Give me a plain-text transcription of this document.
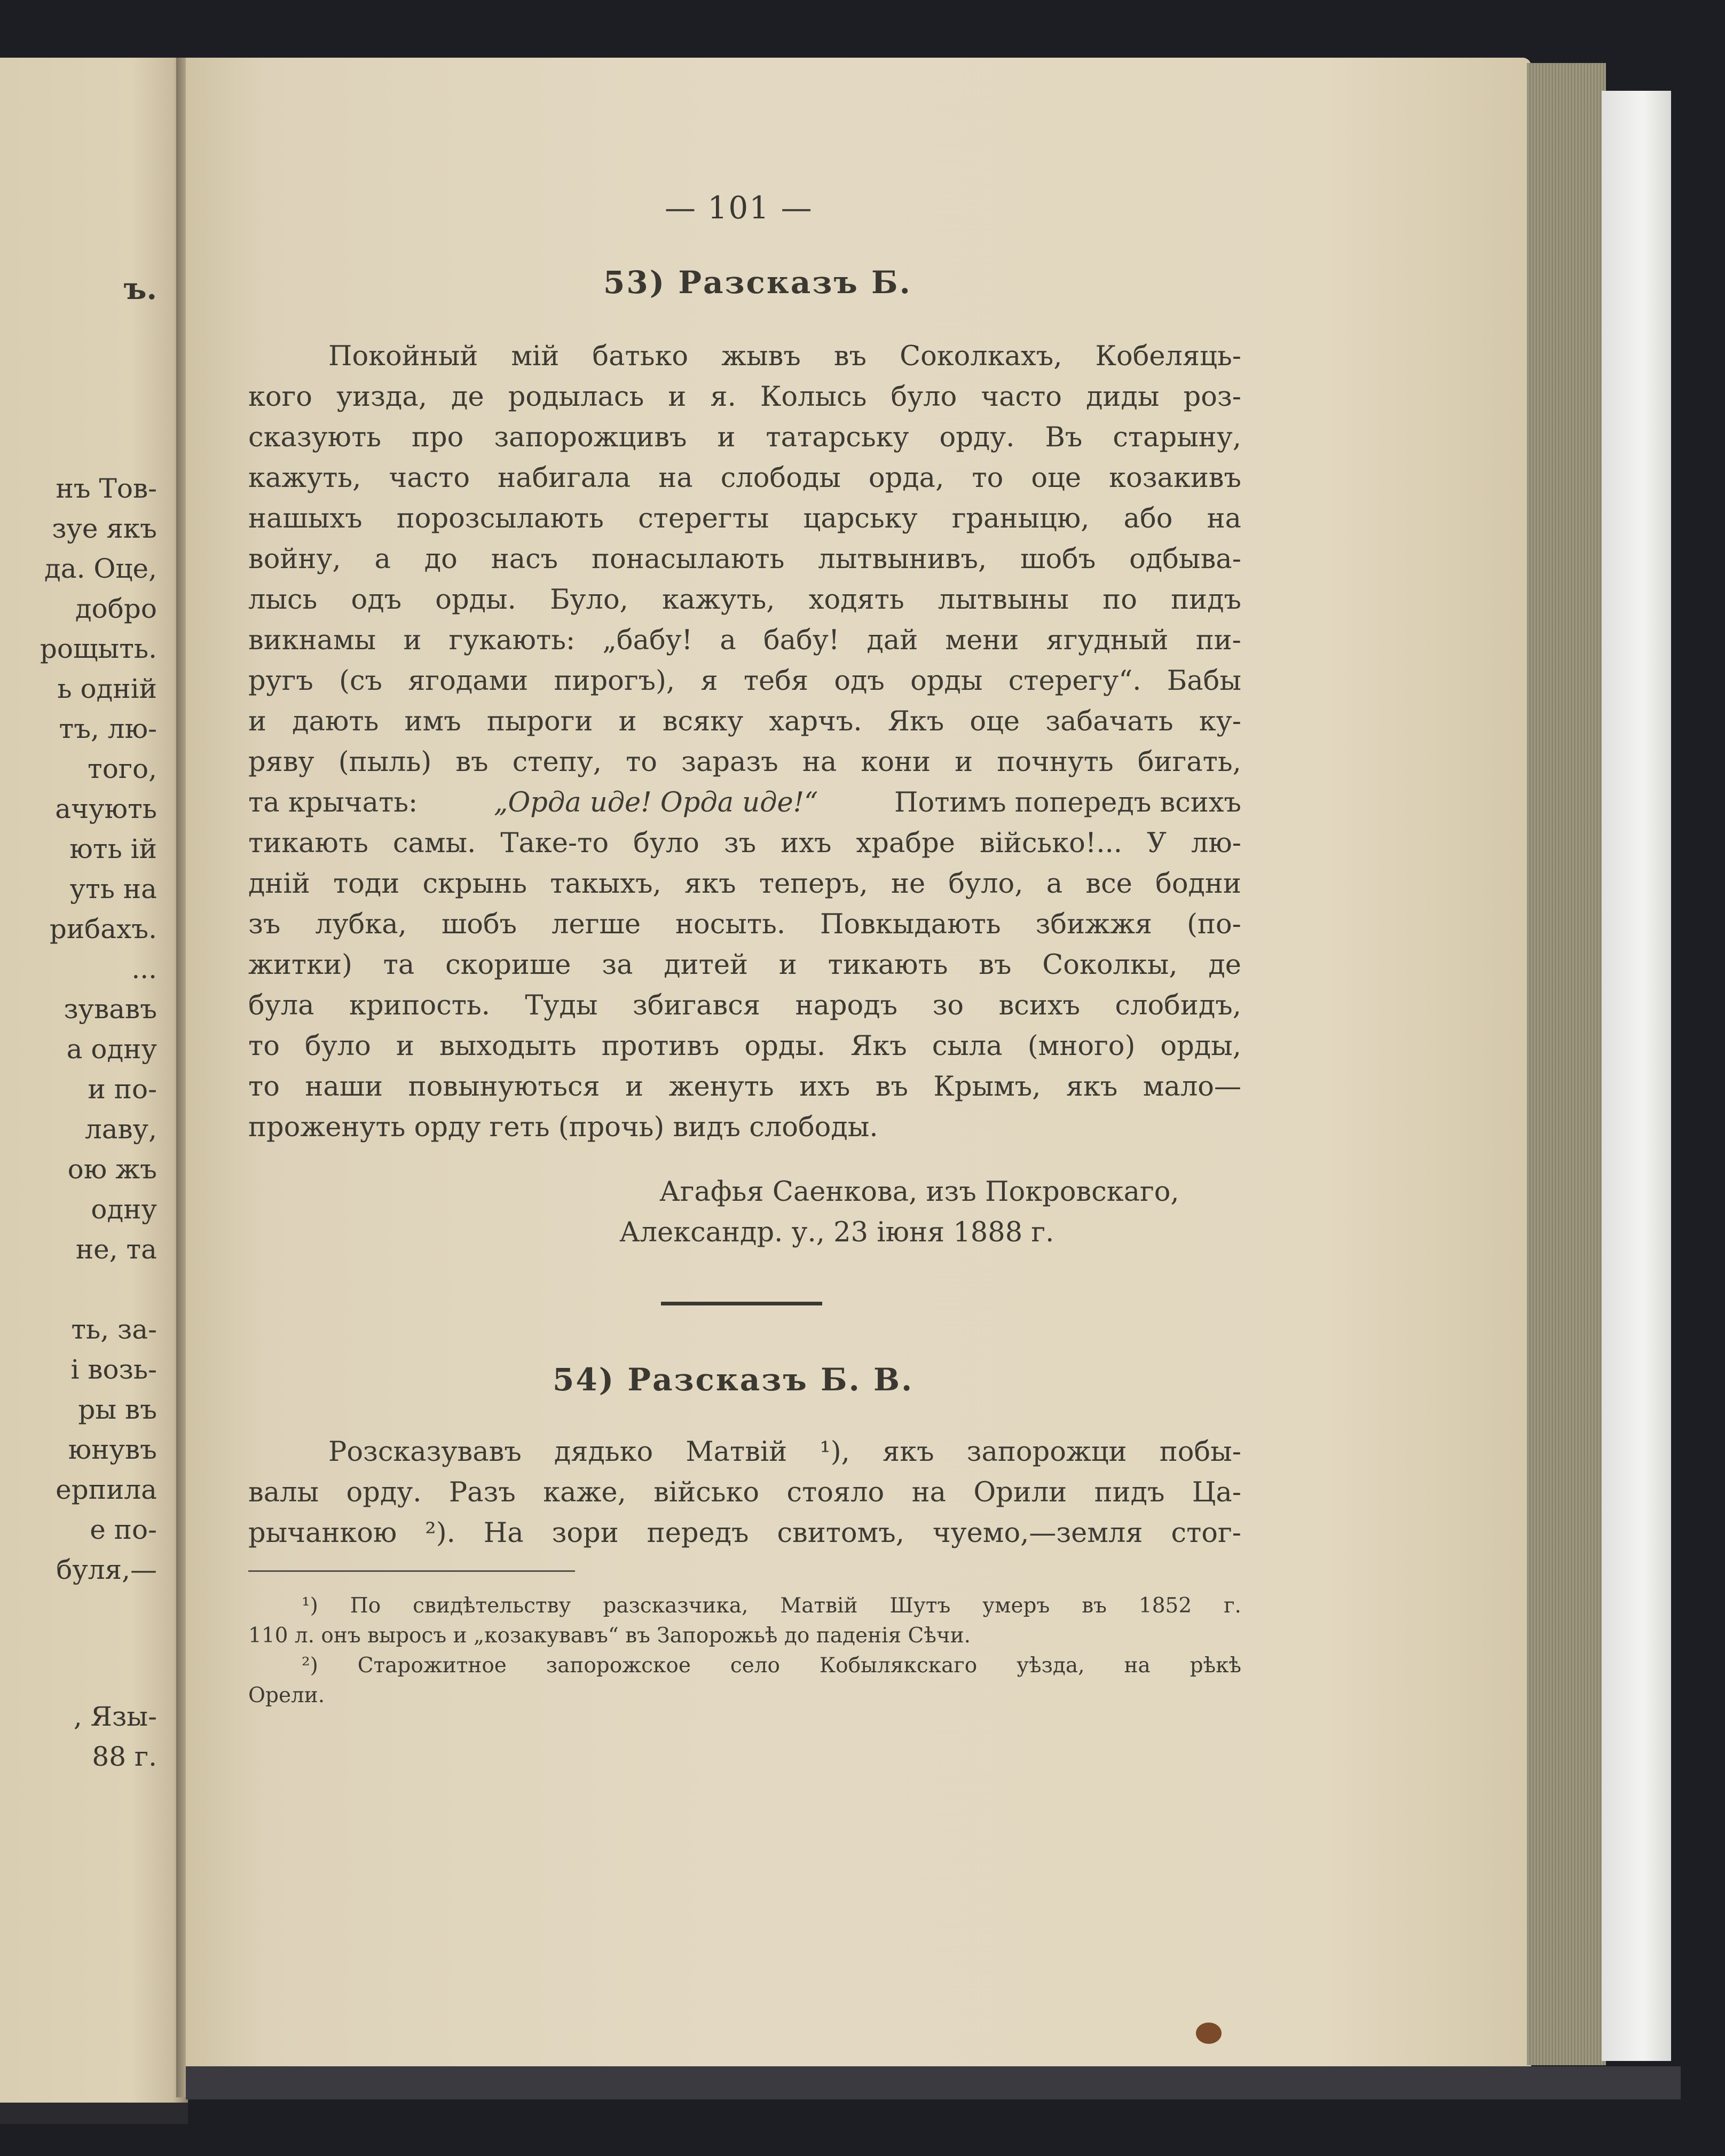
ъ.
нъ Тов-
зуе якъ
да. Оце,
добро
рощыть.
ь одній
тъ, лю-
того,
ачують
ють ій
уть на
рибахъ.
...
зувавъ
а одну
и по-
лаву,
ою жъ
одну
не, та
ть, за-
і возь-
ры въ
юнувъ
ерпила
е по-
буля,—
, Язы-
88 г.
— 101 —
53) Разсказъ Б.
Покойный мій батько жывъ въ Соколкахъ, Кобеляць-
кого уизда, де родылась и я. Колысь було часто диды роз-
сказують про запорожцивъ и татарську орду. Въ старыну,
кажуть, часто набигала на слободы орда, то оце козакивъ
нашыхъ порозсылають стерегты царську граныцю, або на
войну, а до насъ понасылають лытвынивъ, шобъ одбыва-
лысь одъ орды. Було, кажуть, ходять лытвыны по пидъ
викнамы и гукають: „бабу! а бабу! дай мени ягудный пи-
ругъ (съ ягодами пирогъ), я тебя одъ орды стерегу“. Бабы
и дають имъ пыроги и всяку харчъ. Якъ оце забачать ку-
ряву (пыль) въ степу, то заразъ на кони и почнуть бигать,
та крычать:	„Орда иде! Орда иде!“	Потимъ попередъ всихъ
тикають самы. Таке-то було зъ ихъ храбре військо!... У лю-
дній тоди скрынь такыхъ, якъ теперъ, не було, а все бодни
зъ лубка, шобъ легше носыть. Повкыдають збижжя (по-
житки) та скорише за дитей и тикають въ Соколкы, де
була крипость. Туды збигався народъ зо всихъ слобидъ,
то було и выходыть противъ орды. Якъ сыла (много) орды,
то наши повынуються и женуть ихъ въ Крымъ, якъ мало—
проженуть орду геть (прочь) видъ слободы.
Агафья Саенкова, изъ Покровскаго,
Александр. у., 23 іюня 1888 г.
54) Разсказъ Б. В.
Розсказувавъ дядько Матвій ¹), якъ запорожци побы-
валы орду. Разъ каже, військо стояло на Орили пидъ Ца-
рычанкою ²). На зори передъ свитомъ, чуемо,—земля стог-
¹) По свидѣтельству разсказчика, Матвій Шутъ умеръ въ 1852 г.
110 л. онъ выросъ и „козакувавъ“ въ Запорожьѣ до паденія Сѣчи.
²) Старожитное запорожское село Кобылякскаго уѣзда, на рѣкѣ
Орели.
